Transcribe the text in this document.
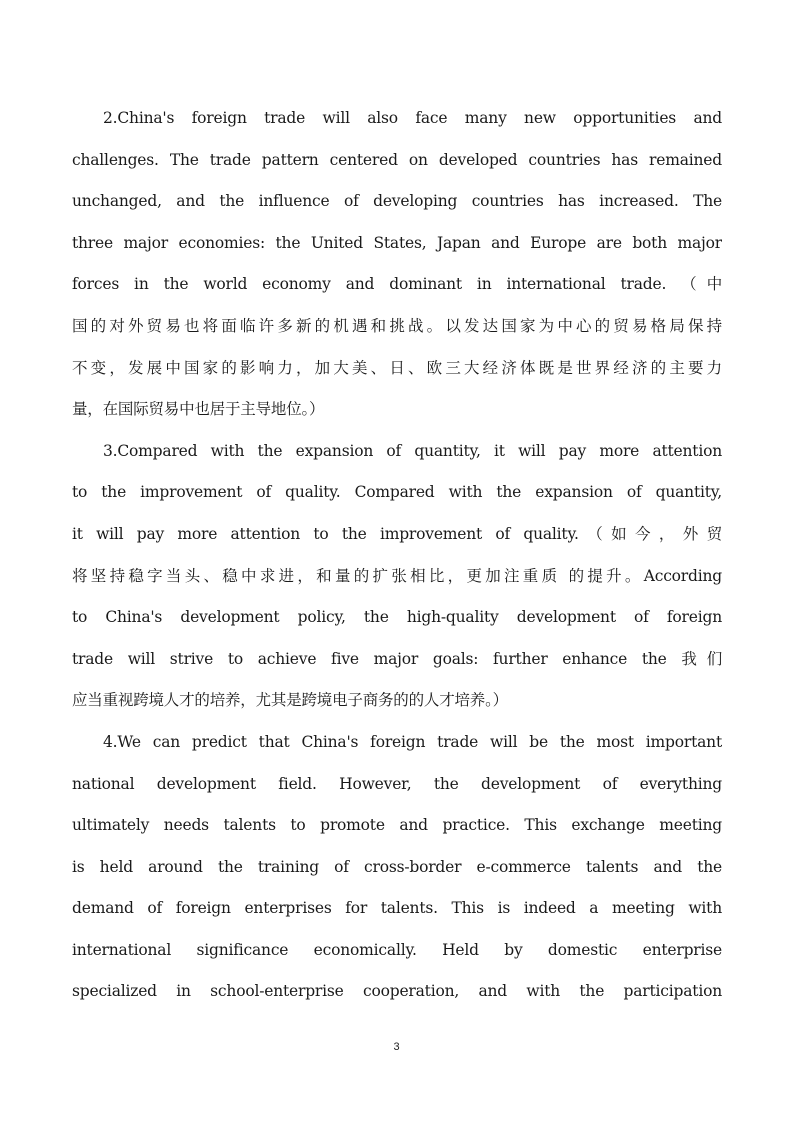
2.China's foreign trade will also face many new opportunities and
challenges. The trade pattern centered on developed countries has remained
unchanged, and the influence of developing countries has increased. The
three major economies: the United States, Japan and Europe are both major
forces in the world economy and dominant in international trade. （中
国的对外贸易也将面临许多新的机遇和挑战。以发达国家为中心的贸易格局保持
不变，发展中国家的影响力，加大美、日、欧三大经济体既是世界经济的主要力
量，在国际贸易中也居于主导地位。）
3.Compared with the expansion of quantity, it will pay more attention
to the improvement of quality. Compared with the expansion of quantity,
it will pay more attention to the improvement of quality.（如今，外贸
将坚持稳字当头、稳中求进，和量的扩张相比，更加注重质 的提升。According
to China's development policy, the high-quality development of foreign
trade will strive to achieve five major goals: further enhance the 我们
应当重视跨境人才的培养，尤其是跨境电子商务的的人才培养。）
4.We can predict that China's foreign trade will be the most important
national development field. However, the development of everything
ultimately needs talents to promote and practice. This exchange meeting
is held around the training of cross-border e-commerce talents and the
demand of foreign enterprises for talents. This is indeed a meeting with
international significance economically. Held by domestic enterprise
specialized in school-enterprise cooperation, and with the participation
3
